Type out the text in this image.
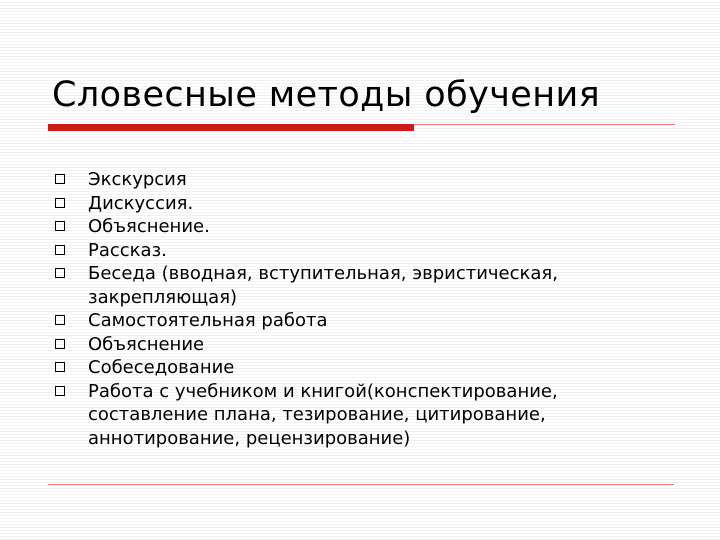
Словесные методы обучения
Экскурсия
Дискуссия.
Объяснение.
Рассказ.
Беседа (вводная, вступительная, эвристическая,
закрепляющая)
Самостоятельная работа
Объяснение
Собеседование
Работа с учебником и книгой(конспектирование,
составление плана, тезирование, цитирование,
аннотирование, рецензирование)
